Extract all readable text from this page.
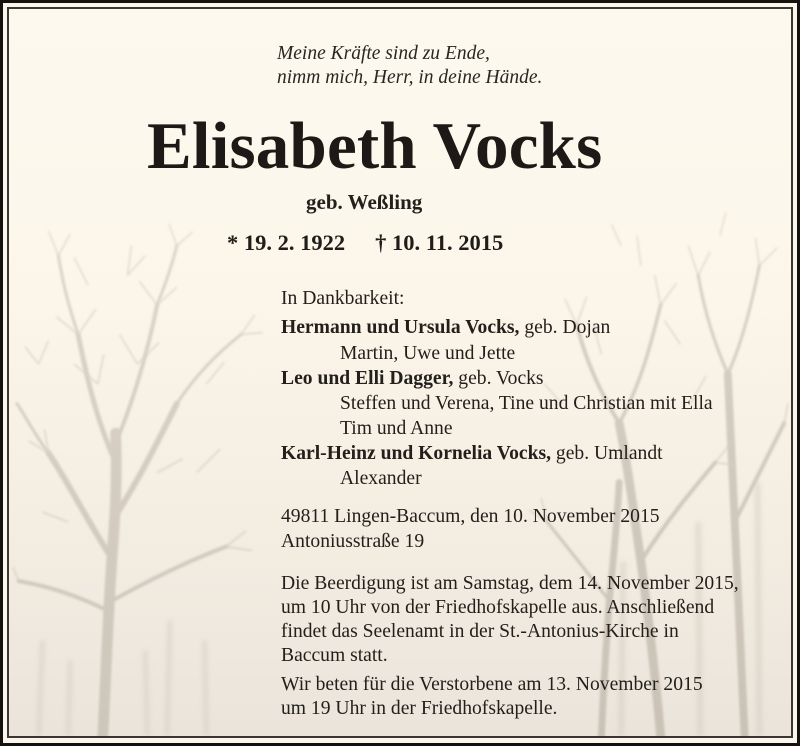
Meine Kräfte sind zu Ende,
nimm mich, Herr, in deine Hände.
Elisabeth Vocks
geb. Weßling
* 19. 2. 1922 † 10. 11. 2015
In Dankbarkeit:
Hermann und Ursula Vocks, geb. Dojan
Martin, Uwe und Jette
Leo und Elli Dagger, geb. Vocks
Steffen und Verena, Tine und Christian mit Ella
Tim und Anne
Karl-Heinz und Kornelia Vocks, geb. Umlandt
Alexander
49811 Lingen-Baccum, den 10. November 2015
Antoniusstraße 19
Die Beerdigung ist am Samstag, dem 14. November 2015,
um 10 Uhr von der Friedhofskapelle aus. Anschließend
findet das Seelenamt in der St.-Antonius-Kirche in
Baccum statt.
Wir beten für die Verstorbene am 13. November 2015
um 19 Uhr in der Friedhofskapelle.
